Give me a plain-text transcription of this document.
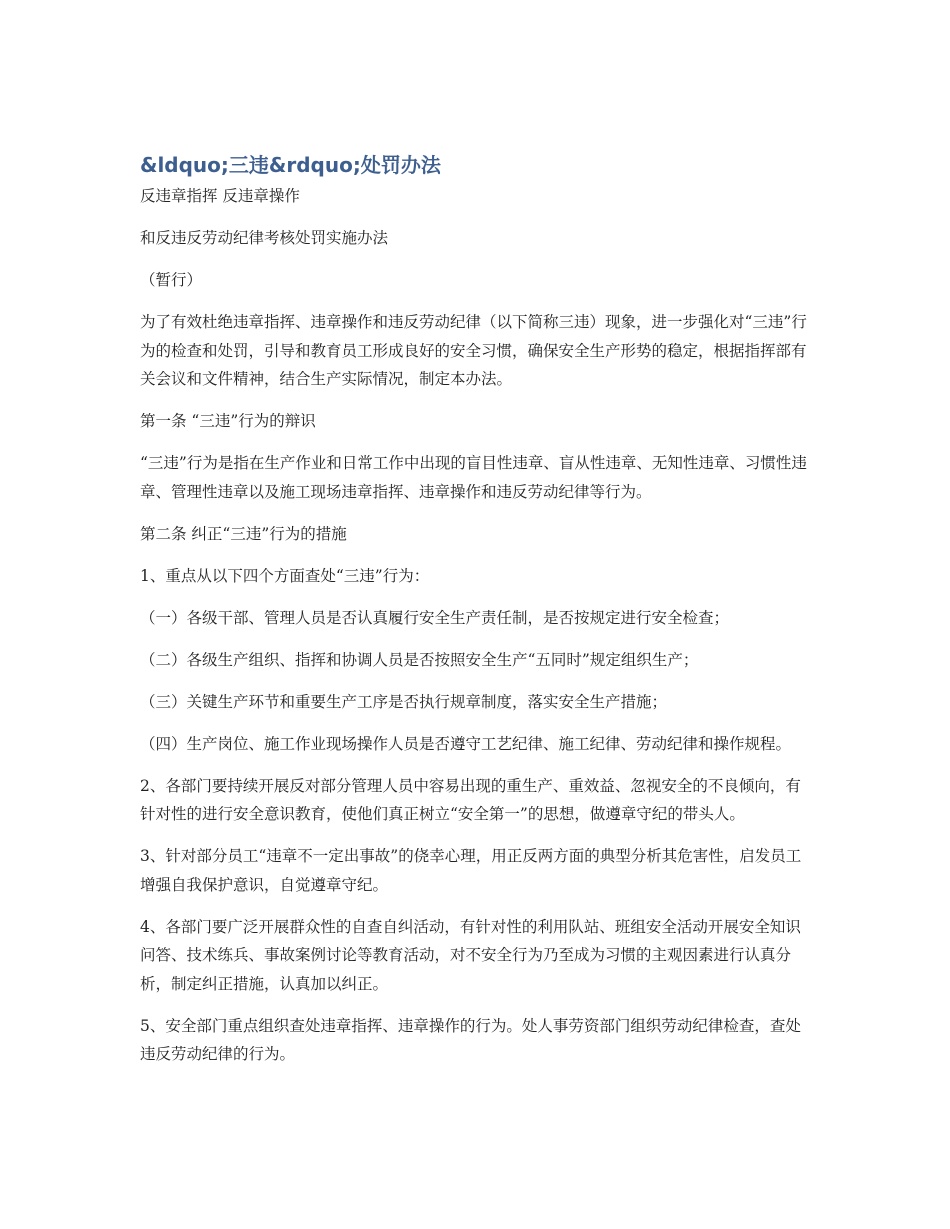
&ldquo;三违&rdquo;处罚办法
反违章指挥 反违章操作
和反违反劳动纪律考核处罚实施办法
（暂行）
为了有效杜绝违章指挥、违章操作和违反劳动纪律（以下简称三违）现象，进一步强化对“三违”行为的检查和处罚，引导和教育员工形成良好的安全习惯，确保安全生产形势的稳定，根据指挥部有关会议和文件精神，结合生产实际情况，制定本办法。
第一条 “三违”行为的辩识
“三违”行为是指在生产作业和日常工作中出现的盲目性违章、盲从性违章、无知性违章、习惯性违章、管理性违章以及施工现场违章指挥、违章操作和违反劳动纪律等行为。
第二条 纠正“三违”行为的措施
1、重点从以下四个方面查处“三违”行为：
（一）各级干部、管理人员是否认真履行安全生产责任制，是否按规定进行安全检查；
（二）各级生产组织、指挥和协调人员是否按照安全生产“五同时”规定组织生产；
（三）关键生产环节和重要生产工序是否执行规章制度，落实安全生产措施；
（四）生产岗位、施工作业现场操作人员是否遵守工艺纪律、施工纪律、劳动纪律和操作规程。
2、各部门要持续开展反对部分管理人员中容易出现的重生产、重效益、忽视安全的不良倾向，有针对性的进行安全意识教育，使他们真正树立“安全第一”的思想，做遵章守纪的带头人。
3、针对部分员工“违章不一定出事故”的侥幸心理，用正反两方面的典型分析其危害性，启发员工增强自我保护意识，自觉遵章守纪。
4、各部门要广泛开展群众性的自查自纠活动，有针对性的利用队站、班组安全活动开展安全知识问答、技术练兵、事故案例讨论等教育活动，对不安全行为乃至成为习惯的主观因素进行认真分析，制定纠正措施，认真加以纠正。
5、安全部门重点组织查处违章指挥、违章操作的行为。处人事劳资部门组织劳动纪律检查，查处违反劳动纪律的行为。
